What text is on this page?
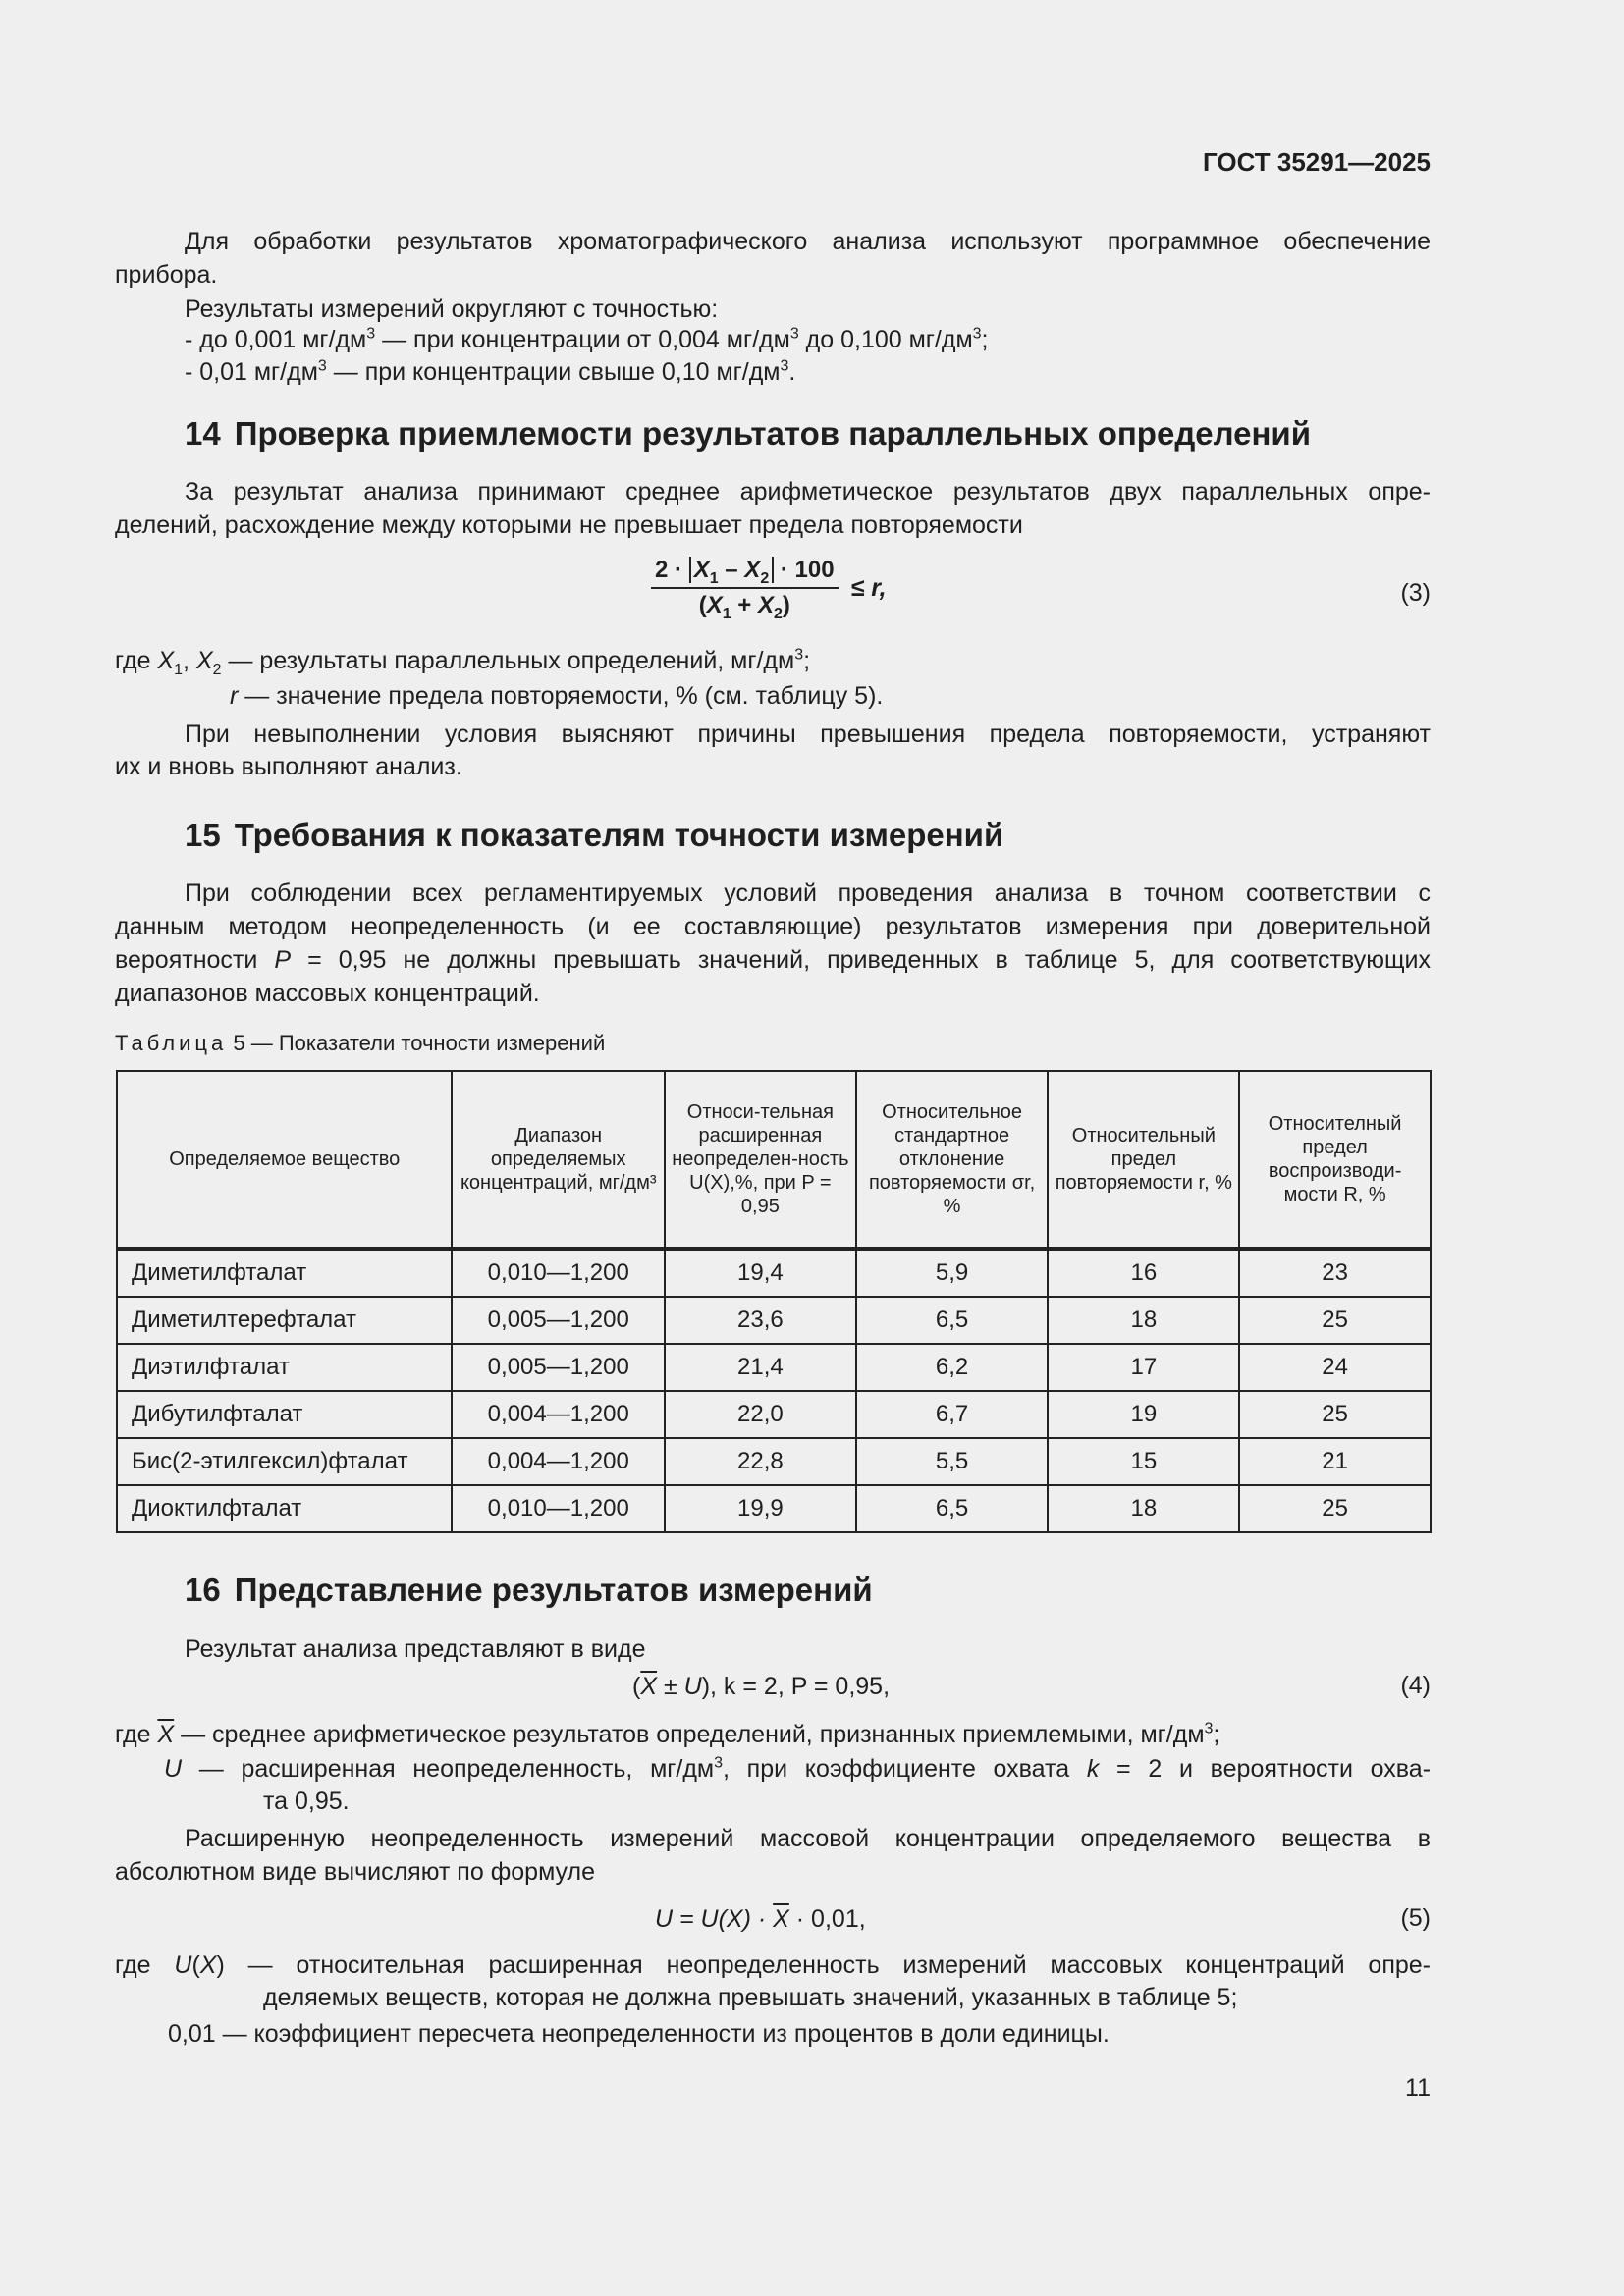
ГОСТ 35291—2025
Для обработки результатов хроматографического анализа используют программное обеспечение
прибора.
Результаты измерений округляют с точностью:
- до 0,001 $мг/дм^3$ — при концентрации от 0,004 $мг/дм^3$ до 0,100 $мг/дм^3$;
- 0,01 $мг/дм^3$ — при концентрации свыше 0,10 $мг/дм^3$.
14 Проверка приемлемости результатов параллельных определений
За результат анализа принимают среднее арифметическое результатов двух параллельных опре-
делений, расхождение между которыми не превышает предела повторяемости
$\frac{2 \cdot X_1 - X_2 \cdot 100}{(X_1 + X_2)} \le r$,	(3)
где $X_1$, $X_2$ — результаты параллельных определений, $мг/дм^3$;
r — значение предела повторяемости, % (см. таблицу 5).
При невыполнении условия выясняют причины превышения предела повторяемости, устраняют
их и вновь выполняют анализ.
15 Требования к показателям точности измерений
При соблюдении всех регламентируемых условий проведения анализа в точном соответствии с
данным методом неопределенность (и ее составляющие) результатов измерения при доверительной
вероятности P = 0,95 не должны превышать значений, приведенных в таблице 5, для соответствующих
диапазонов массовых концентраций.
Таблица 5 — Показатели точности измерений
Определяемое вещество	Диапазон определяемых концентраций, мг/дм³	Относи-тельная расширенная неопределен-ность U(X),%, при P = 0,95	Относительное стандартное отклонение повторяемости σr, %	Относительный предел повторяемости r, %	Относителный предел воспроизводи-мости R, %
Диметилфталат	0,010—1,200	19,4	5,9	16	23
Диметилтерефталат	0,005—1,200	23,6	6,5	18	25
Диэтилфталат	0,005—1,200	21,4	6,2	17	24
Дибутилфталат	0,004—1,200	22,0	6,7	19	25
Бис(2-этилгексил)фталат	0,004—1,200	22,8	5,5	15	21
Диоктилфталат	0,010—1,200	19,9	6,5	18	25
16 Представление результатов измерений
Результат анализа представляют в виде
$(\overline{X} \pm U)$, k = 2, P = 0,95,	(4)
где $\overline{X}$ — среднее арифметическое результатов определений, признанных приемлемыми, $мг/дм^3$;
U — расширенная неопределенность, $мг/дм^3$, при коэффициенте охвата k = 2 и вероятности охва-
та 0,95.
Расширенную неопределенность измерений массовой концентрации определяемого вещества в
абсолютном виде вычисляют по формуле
$U = U(X) \cdot \overline{X} \cdot 0,01$,	(5)
где U(X) — относительная расширенная неопределенность измерений массовых концентраций опре-
деляемых веществ, которая не должна превышать значений, указанных в таблице 5;
0,01 — коэффициент пересчета неопределенности из процентов в доли единицы.
11
